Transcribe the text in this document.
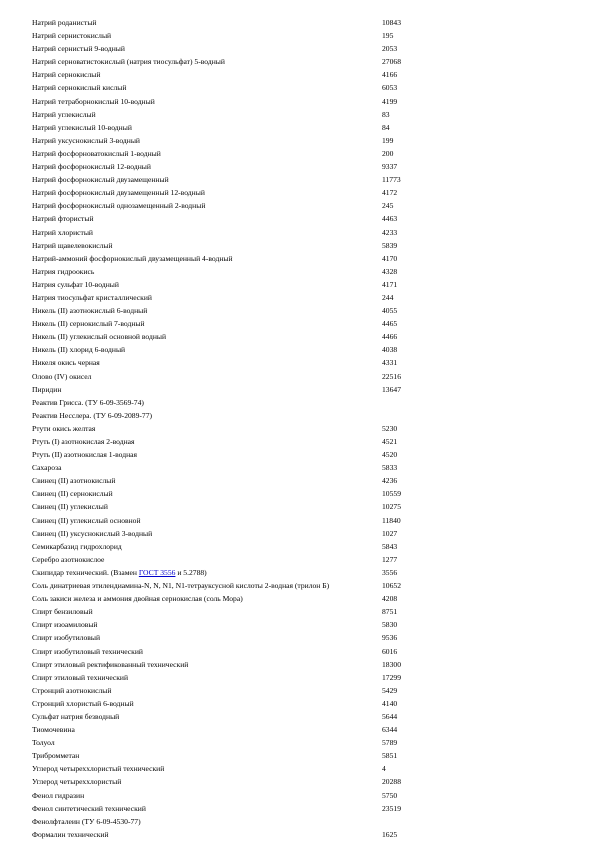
Натрий роданистый	10843
Натрий сернистокислый	195
Натрий сернистый 9-водный	2053
Натрий серноватистокислый (натрия тиосульфат) 5-водный	27068
Натрий сернокислый	4166
Натрий сернокислый кислый	6053
Натрий тетраборнокислый 10-водный	4199
Натрий углекислый	83
Натрий углекислый 10-водный	84
Натрий уксуснокислый 3-водный	199
Натрий фосфорноватокислый 1-водный	200
Натрий фосфорнокислый 12-водный	9337
Натрий фосфорнокислый двузамещенный	11773
Натрий фосфорнокислый двузамещенный 12-водный	4172
Натрий фосфорнокислый однозамещенный 2-водный	245
Натрий фтористый	4463
Натрий хлористый	4233
Натрий щавелевокислый	5839
Натрий-аммоний фосфорнокислый двузамещенный 4-водный	4170
Натрия гидроокись	4328
Натрия сульфат 10-водный	4171
Натрия тиосульфат кристаллический	244
Никель (II) азотнокислый 6-водный	4055
Никель (II) сернокислый 7-водный	4465
Никель (II) углекислый основной водный	4466
Никель (II) хлорид 6-водный	4038
Никеля окись черная	4331
Олово (IV) окисел	22516
Пиридин	13647
Реактив Грисса. (ТУ 6-09-3569-74)
Реактив Несслера. (ТУ 6-09-2089-77)
Ртути окись желтая	5230
Ртуть (I) азотнокислая 2-водная	4521
Ртуть (II) азотнокислая 1-водная	4520
Сахароза	5833
Свинец (II) азотнокислый	4236
Свинец (II) сернокислый	10559
Свинец (II) углекислый	10275
Свинец (II) углекислый основной	11840
Свинец (II) уксуснокислый 3-водный	1027
Семикарбазид гидрохлорид	5843
Серебро азотнокислое	1277
Скипидар технический. (Взамен ГОСТ 3556 и 5.2788)	3556
Соль динатриевая этилендиамина-N, N, N1, N1-тетрауксусной кислоты 2-водная (трилон Б)	10652
Соль закиси железа и аммония двойная сернокислая (соль Мора)	4208
Спирт бензиловый	8751
Спирт изоамиловый	5830
Спирт изобутиловый	9536
Спирт изобутиловый технический	6016
Спирт этиловый ректификованный технический	18300
Спирт этиловый технический	17299
Стронций азотнокислый	5429
Стронций хлористый 6-водный	4140
Сульфат натрия безводный	5644
Тиомочевина	6344
Толуол	5789
Трибромметан	5851
Углерод четыреххлористый технический	4
Углерод четыреххлористый	20288
Фенол гидразин	5750
Фенол синтетический технический	23519
Фенолфталеин (ТУ 6-09-4530-77)
Формалин технический	1625
